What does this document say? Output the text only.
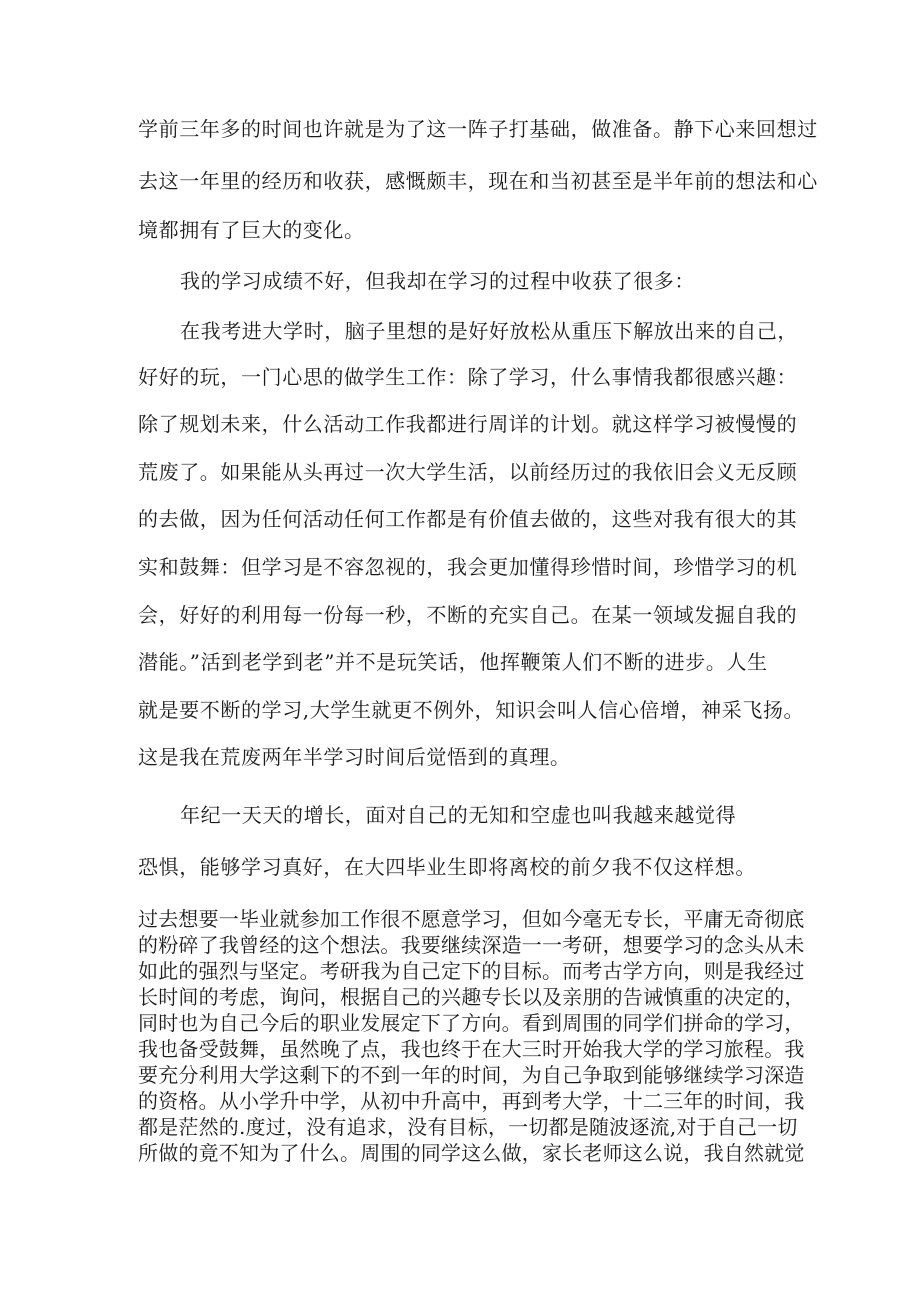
学前三年多的时间也许就是为了这一阵子打基础，做准备。静下心来回想过
去这一年里的经历和收获，感慨颇丰，现在和当初甚至是半年前的想法和心
境都拥有了巨大的变化。
我的学习成绩不好，但我却在学习的过程中收获了很多：
在我考进大学时，脑子里想的是好好放松从重压下解放出来的自己，
好好的玩，一门心思的做学生工作：除了学习，什么事情我都很感兴趣：
除了规划未来，什么活动工作我都进行周详的计划。就这样学习被慢慢的
荒废了。如果能从头再过一次大学生活，以前经历过的我依旧会义无反顾
的去做，因为任何活动任何工作都是有价值去做的，这些对我有很大的其
实和鼓舞：但学习是不容忽视的，我会更加懂得珍惜时间，珍惜学习的机
会，好好的利用每一份每一秒，不断的充实自己。在某一领域发掘自我的
潜能。”活到老学到老”并不是玩笑话，他挥鞭策人们不断的进步。人生
就是要不断的学习,大学生就更不例外，知识会叫人信心倍增，神采飞扬。
这是我在荒废两年半学习时间后觉悟到的真理。
年纪一天天的增长，面对自己的无知和空虚也叫我越来越觉得
恐惧，能够学习真好，在大四毕业生即将离校的前夕我不仅这样想。
过去想要一毕业就参加工作很不愿意学习，但如今毫无专长，平庸无奇彻底
的粉碎了我曾经的这个想法。我要继续深造一一考研，想要学习的念头从未
如此的强烈与坚定。考研我为自己定下的目标。而考古学方向，则是我经过
长时间的考虑，询问，根据自己的兴趣专长以及亲朋的告诫慎重的决定的，
同时也为自己今后的职业发展定下了方向。看到周围的同学们拼命的学习，
我也备受鼓舞，虽然晚了点，我也终于在大三时开始我大学的学习旅程。我
要充分利用大学这剩下的不到一年的时间，为自己争取到能够继续学习深造
的资格。从小学升中学，从初中升高中，再到考大学，十二三年的时间，我
都是茫然的.度过，没有追求，没有目标，一切都是随波逐流,对于自己一切
所做的竟不知为了什么。周围的同学这么做，家长老师这么说，我自然就觉
